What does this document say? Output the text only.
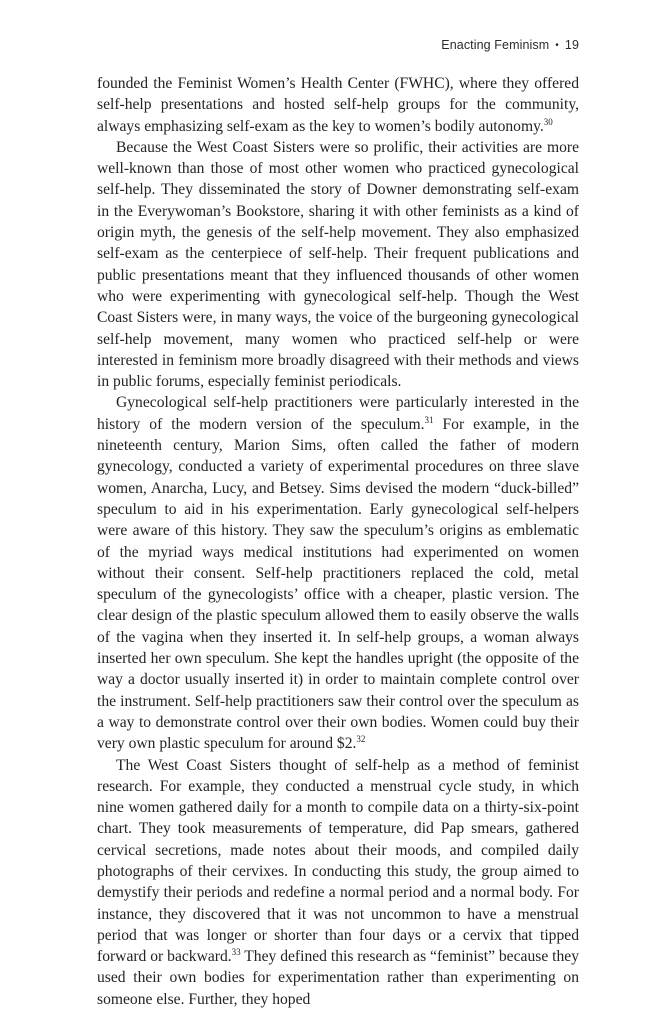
Enacting Feminism • 19

founded the Feminist Women’s Health Center (FWHC), where they offered self-help presentations and hosted self-help groups for the community, always emphasizing self-exam as the key to women’s bodily autonomy.$^{30}$

Because the West Coast Sisters were so prolific, their activities are more well-known than those of most other women who practiced gynecological self-help. They disseminated the story of Downer demonstrating self-exam in the Everywoman’s Bookstore, sharing it with other feminists as a kind of origin myth, the genesis of the self-help movement. They also emphasized self-exam as the centerpiece of self-help. Their frequent publications and public presentations meant that they influenced thousands of other women who were experimenting with gynecological self-help. Though the West Coast Sisters were, in many ways, the voice of the burgeoning gynecological self-help movement, many women who practiced self-help or were interested in feminism more broadly disagreed with their methods and views in public forums, especially feminist periodicals.

Gynecological self-help practitioners were particularly interested in the history of the modern version of the speculum.$^{31}$ For example, in the nineteenth century, Marion Sims, often called the father of modern gynecology, conducted a variety of experimental procedures on three slave women, Anarcha, Lucy, and Betsey. Sims devised the modern “duck-billed” speculum to aid in his experimentation. Early gynecological self-helpers were aware of this history. They saw the speculum’s origins as emblematic of the myriad ways medical institutions had experimented on women without their consent. Self-help practitioners replaced the cold, metal speculum of the gynecologists’ office with a cheaper, plastic version. The clear design of the plastic speculum allowed them to easily observe the walls of the vagina when they inserted it. In self-help groups, a woman always inserted her own speculum. She kept the handles upright (the opposite of the way a doctor usually inserted it) in order to maintain complete control over the instrument. Self-help practitioners saw their control over the speculum as a way to demonstrate control over their own bodies. Women could buy their very own plastic speculum for around $2.32

The West Coast Sisters thought of self-help as a method of feminist research. For example, they conducted a menstrual cycle study, in which nine women gathered daily for a month to compile data on a thirty-six-point chart. They took measurements of temperature, did Pap smears, gathered cervical secretions, made notes about their moods, and compiled daily photographs of their cervixes. In conducting this study, the group aimed to demystify their periods and redefine a normal period and a normal body. For instance, they discovered that it was not uncommon to have a menstrual period that was longer or shorter than four days or a cervix that tipped forward or backward.$^{33}$ They defined this research as “feminist” because they used their own bodies for experimentation rather than experimenting on someone else. Further, they hoped
